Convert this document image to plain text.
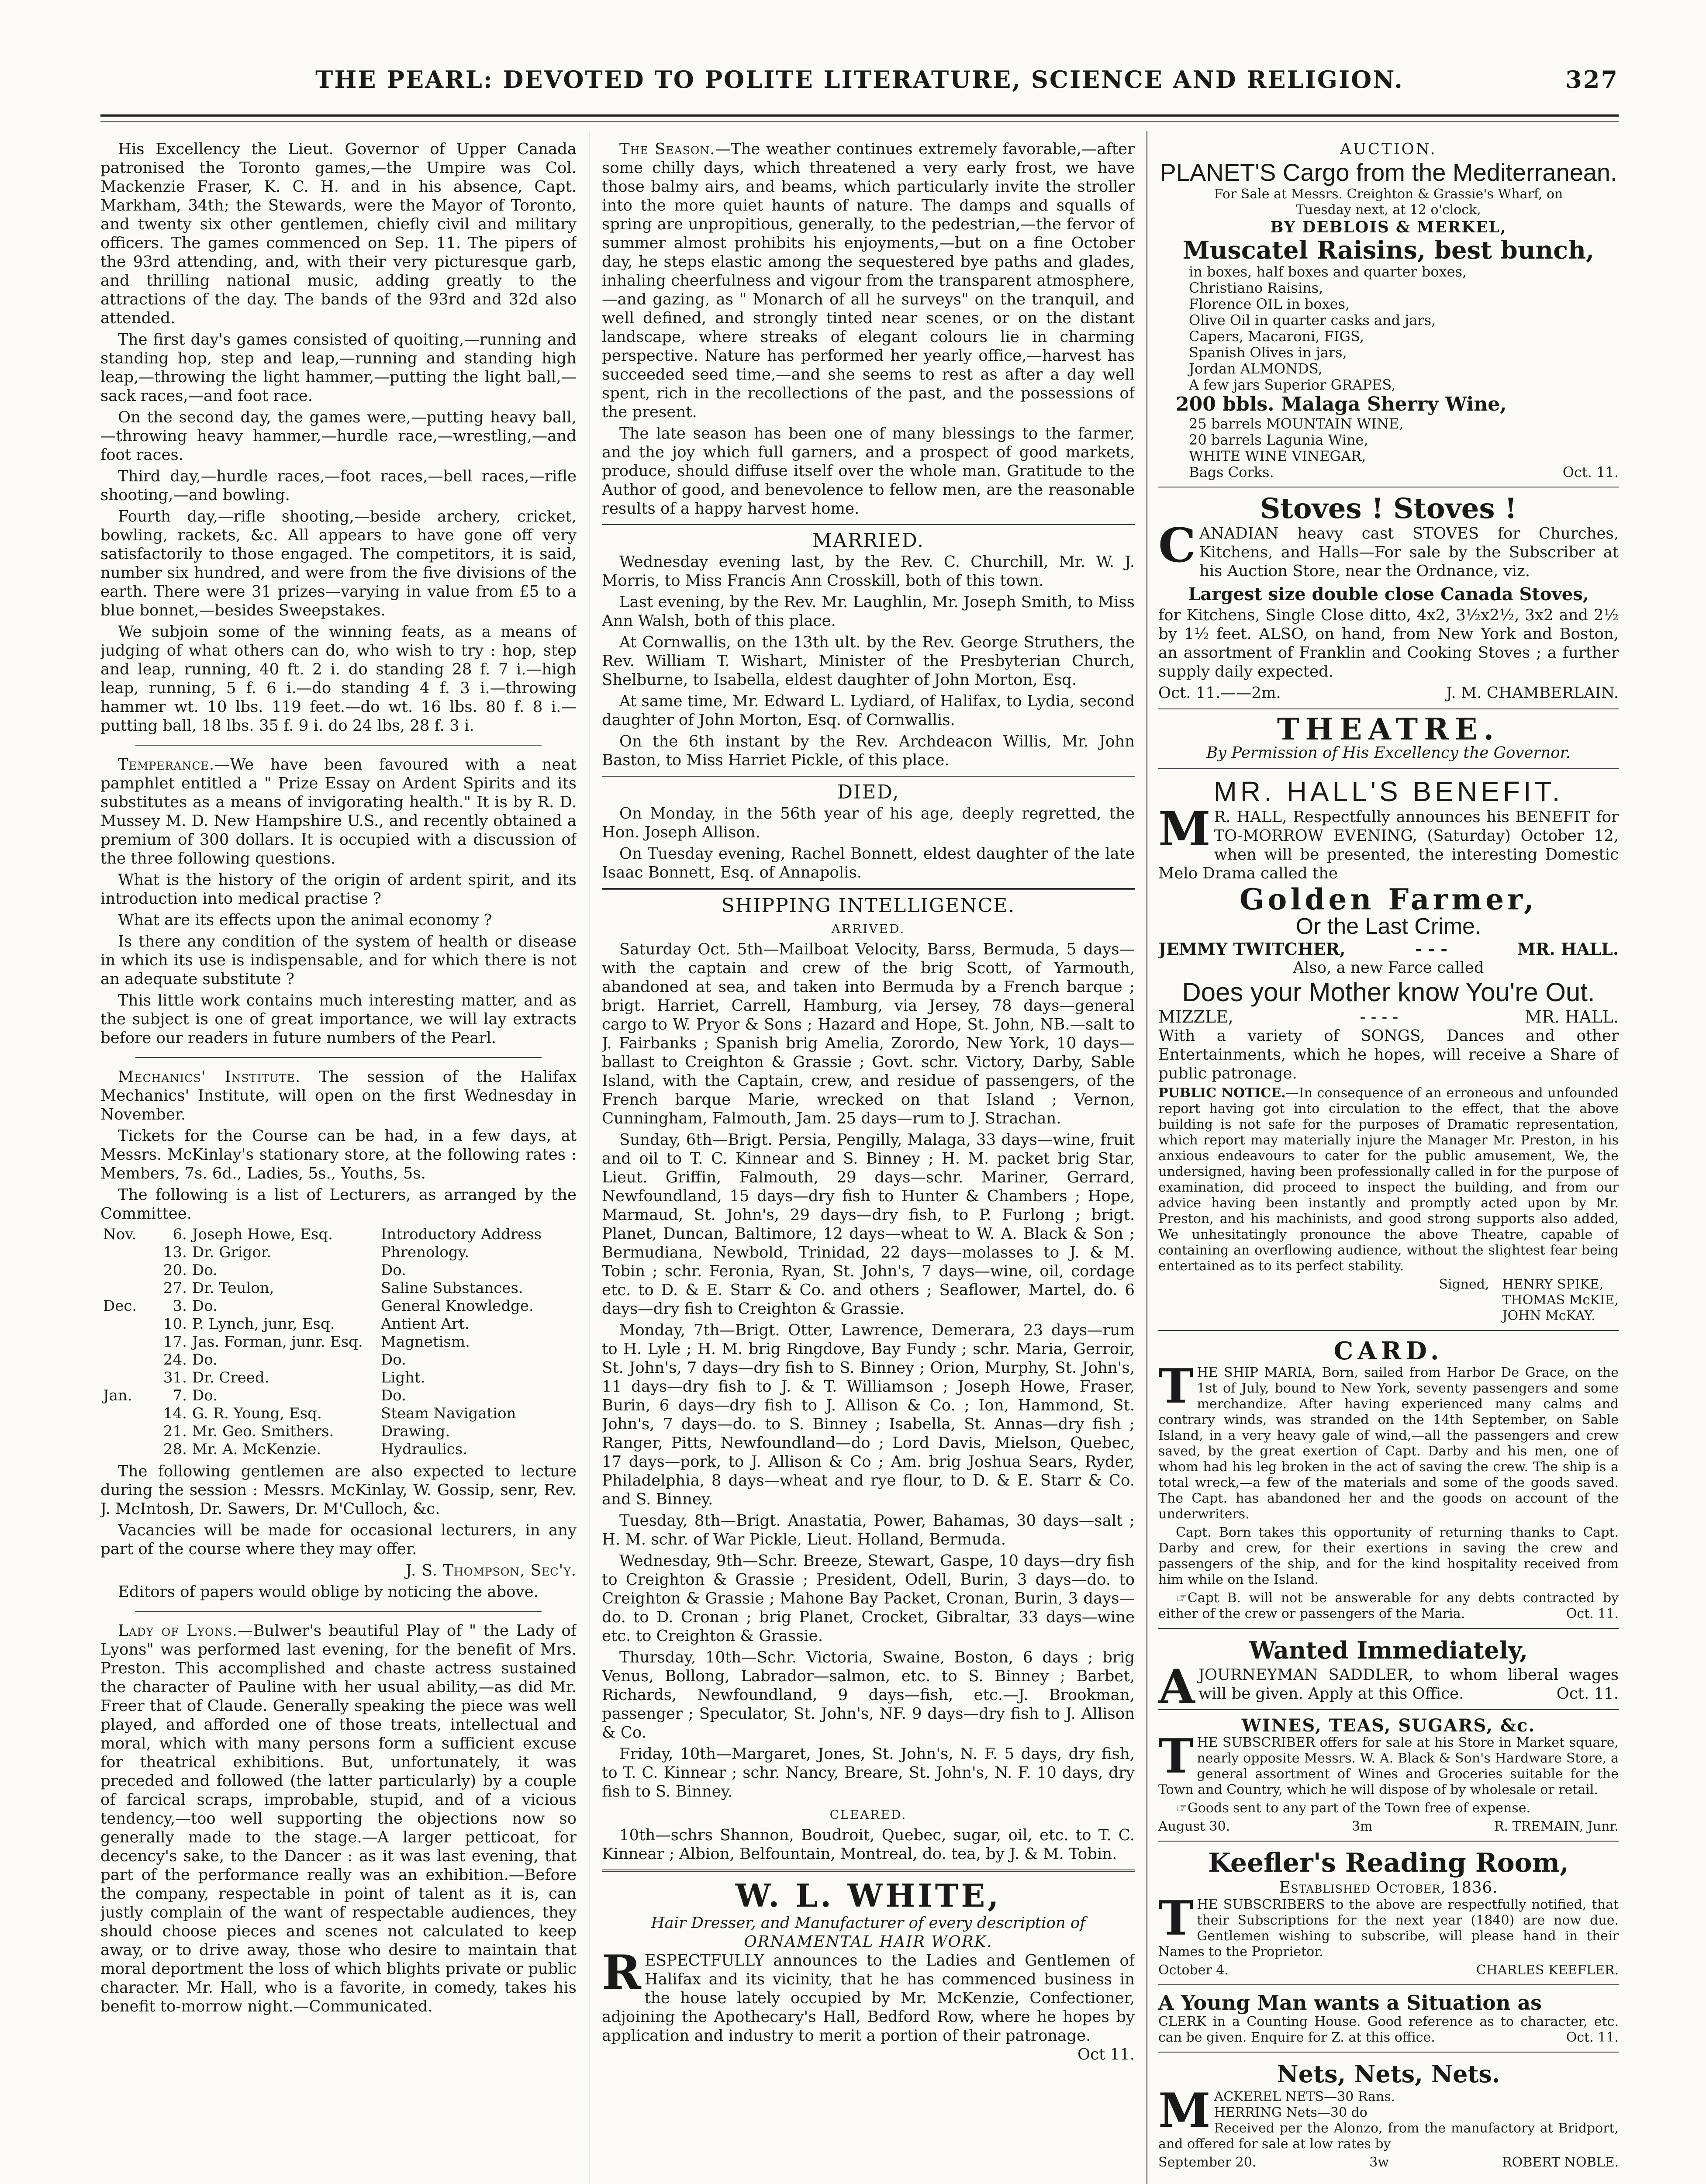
THE PEARL: DEVOTED TO POLITE LITERATURE, SCIENCE AND RELIGION.	327

His Excellency the Lieut. Governor of Upper Canada patronised the Toronto games,—the Umpire was Col. Mackenzie Fraser, K. C. H. and in his absence, Capt. Markham, 34th; the Stewards, were the Mayor of Toronto, and twenty six other gentlemen, chiefly civil and military officers. The games commenced on Sep. 11. The pipers of the 93rd attending, and, with their very picturesque garb, and thrilling national music, adding greatly to the attractions of the day. The bands of the 93rd and 32d also attended.

The first day's games consisted of quoiting,—running and standing hop, step and leap,—running and standing high leap,—throwing the light hammer,—putting the light ball,—sack races,—and foot race.

On the second day, the games were,—putting heavy ball,—throwing heavy hammer,—hurdle race,—wrestling,—and foot races.

Third day,—hurdle races,—foot races,—bell races,—rifle shooting,—and bowling.

Fourth day,—rifle shooting,—beside archery, cricket, bowling, rackets, &c. All appears to have gone off very satisfactorily to those engaged. The competitors, it is said, number six hundred, and were from the five divisions of the earth. There were 31 prizes—varying in value from £5 to a blue bonnet,—besides Sweepstakes.

We subjoin some of the winning feats, as a means of judging of what others can do, who wish to try : hop, step and leap, running, 40 ft. 2 i. do standing 28 f. 7 i.—high leap, running, 5 f. 6 i.—do standing 4 f. 3 i.—throwing hammer wt. 10 lbs. 119 feet.—do wt. 16 lbs. 80 f. 8 i.—putting ball, 18 lbs. 35 f. 9 i. do 24 lbs, 28 f. 3 i.

Temperance.—We have been favoured with a neat pamphlet entitled a " Prize Essay on Ardent Spirits and its substitutes as a means of invigorating health." It is by R. D. Mussey M. D. New Hampshire U.S., and recently obtained a premium of 300 dollars. It is occupied with a discussion of the three following questions.

What is the history of the origin of ardent spirit, and its introduction into medical practise ?

What are its effects upon the animal economy ?

Is there any condition of the system of health or disease in which its use is indispensable, and for which there is not an adequate substitute ?

This little work contains much interesting matter, and as the subject is one of great importance, we will lay extracts before our readers in future numbers of the Pearl.

Mechanics' Institute. The session of the Halifax Mechanics' Institute, will open on the first Wednesday in November.

Tickets for the Course can be had, in a few days, at Messrs. McKinlay's stationary store, at the following rates : Members, 7s. 6d., Ladies, 5s., Youths, 5s.

The following is a list of Lecturers, as arranged by the Committee.

Nov.	6.	Joseph Howe, Esq.	Introductory Address
	13.	Dr. Grigor.	Phrenology.
	20.	Do.	Do.
	27.	Dr. Teulon,	Saline Substances.
Dec.	3.	Do.	General Knowledge.
	10.	P. Lynch, junr, Esq.	Antient Art.
	17.	Jas. Forman, junr. Esq.	Magnetism.
	24.	Do.	Do.
	31.	Dr. Creed.	Light.
Jan.	7.	Do.	Do.
	14.	G. R. Young, Esq.	Steam Navigation
	21.	Mr. Geo. Smithers.	Drawing.
	28.	Mr. A. McKenzie.	Hydraulics.

The following gentlemen are also expected to lecture during the session : Messrs. McKinlay, W. Gossip, senr, Rev. J. McIntosh, Dr. Sawers, Dr. M'Culloch, &c.

Vacancies will be made for occasional lecturers, in any part of the course where they may offer.

J. S. Thompson, Sec'y.

Editors of papers would oblige by noticing the above.

Lady of Lyons.—Bulwer's beautiful Play of " the Lady of Lyons" was performed last evening, for the benefit of Mrs. Preston. This accomplished and chaste actress sustained the character of Pauline with her usual ability,—as did Mr. Freer that of Claude. Generally speaking the piece was well played, and afforded one of those treats, intellectual and moral, which with many persons form a sufficient excuse for theatrical exhibitions. But, unfortunately, it was preceded and followed (the latter particularly) by a couple of farcical scraps, improbable, stupid, and of a vicious tendency,—too well supporting the objections now so generally made to the stage.—A larger petticoat, for decency's sake, to the Dancer : as it was last evening, that part of the performance really was an exhibition.—Before the company, respectable in point of talent as it is, can justly complain of the want of respectable audiences, they should choose pieces and scenes not calculated to keep away, or to drive away, those who desire to maintain that moral deportment the loss of which blights private or public character. Mr. Hall, who is a favorite, in comedy, takes his benefit to-morrow night.—Communicated.

The Season.—The weather continues extremely favorable,—after some chilly days, which threatened a very early frost, we have those balmy airs, and beams, which particularly invite the stroller into the more quiet haunts of nature. The damps and squalls of spring are unpropitious, generally, to the pedestrian,—the fervor of summer almost prohibits his enjoyments,—but on a fine October day, he steps elastic among the sequestered bye paths and glades, inhaling cheerfulness and vigour from the transparent atmosphere,—and gazing, as " Monarch of all he surveys" on the tranquil, and well defined, and strongly tinted near scenes, or on the distant landscape, where streaks of elegant colours lie in charming perspective. Nature has performed her yearly office,—harvest has succeeded seed time,—and she seems to rest as after a day well spent, rich in the recollections of the past, and the possessions of the present.

The late season has been one of many blessings to the farmer, and the joy which full garners, and a prospect of good markets, produce, should diffuse itself over the whole man. Gratitude to the Author of good, and benevolence to fellow men, are the reasonable results of a happy harvest home.

MARRIED.

Wednesday evening last, by the Rev. C. Churchill, Mr. W. J. Morris, to Miss Francis Ann Crosskill, both of this town.

Last evening, by the Rev. Mr. Laughlin, Mr. Joseph Smith, to Miss Ann Walsh, both of this place.

At Cornwallis, on the 13th ult. by the Rev. George Struthers, the Rev. William T. Wishart, Minister of the Presbyterian Church, Shelburne, to Isabella, eldest daughter of John Morton, Esq.

At same time, Mr. Edward L. Lydiard, of Halifax, to Lydia, second daughter of John Morton, Esq. of Cornwallis.

On the 6th instant by the Rev. Archdeacon Willis, Mr. John Baston, to Miss Harriet Pickle, of this place.

DIED,

On Monday, in the 56th year of his age, deeply regretted, the Hon. Joseph Allison.

On Tuesday evening, Rachel Bonnett, eldest daughter of the late Isaac Bonnett, Esq. of Annapolis.

SHIPPING INTELLIGENCE.
ARRIVED.

Saturday Oct. 5th—Mailboat Velocity, Barss, Bermuda, 5 days—with the captain and crew of the brig Scott, of Yarmouth, abandoned at sea, and taken into Bermuda by a French barque ; brigt. Harriet, Carrell, Hamburg, via Jersey, 78 days—general cargo to W. Pryor & Sons ; Hazard and Hope, St. John, NB.—salt to J. Fairbanks ; Spanish brig Amelia, Zorordo, New York, 10 days—ballast to Creighton & Grassie ; Govt. schr. Victory, Darby, Sable Island, with the Captain, crew, and residue of passengers, of the French barque Marie, wrecked on that Island ; Vernon, Cunningham, Falmouth, Jam. 25 days—rum to J. Strachan.

Sunday, 6th—Brigt. Persia, Pengilly, Malaga, 33 days—wine, fruit and oil to T. C. Kinnear and S. Binney ; H. M. packet brig Star, Lieut. Griffin, Falmouth, 29 days—schr. Mariner, Gerrard, Newfoundland, 15 days—dry fish to Hunter & Chambers ; Hope, Marmaud, St. John's, 29 days—dry fish, to P. Furlong ; brigt. Planet, Duncan, Baltimore, 12 days—wheat to W. A. Black & Son ; Bermudiana, Newbold, Trinidad, 22 days—molasses to J. & M. Tobin ; schr. Feronia, Ryan, St. John's, 7 days—wine, oil, cordage etc. to D. & E. Starr & Co. and others ; Seaflower, Martel, do. 6 days—dry fish to Creighton & Grassie.

Monday, 7th—Brigt. Otter, Lawrence, Demerara, 23 days—rum to H. Lyle ; H. M. brig Ringdove, Bay Fundy ; schr. Maria, Gerroir, St. John's, 7 days—dry fish to S. Binney ; Orion, Murphy, St. John's, 11 days—dry fish to J. & T. Williamson ; Joseph Howe, Fraser, Burin, 6 days—dry fish to J. Allison & Co. ; Ion, Hammond, St. John's, 7 days—do. to S. Binney ; Isabella, St. Annas—dry fish ; Ranger, Pitts, Newfoundland—do ; Lord Davis, Mielson, Quebec, 17 days—pork, to J. Allison & Co ; Am. brig Joshua Sears, Ryder, Philadelphia, 8 days—wheat and rye flour, to D. & E. Starr & Co. and S. Binney.

Tuesday, 8th—Brigt. Anastatia, Power, Bahamas, 30 days—salt ; H. M. schr. of War Pickle, Lieut. Holland, Bermuda.

Wednesday, 9th—Schr. Breeze, Stewart, Gaspe, 10 days—dry fish to Creighton & Grassie ; President, Odell, Burin, 3 days—do. to Creighton & Grassie ; Mahone Bay Packet, Cronan, Burin, 3 days—do. to D. Cronan ; brig Planet, Crocket, Gibraltar, 33 days—wine etc. to Creighton & Grassie.

Thursday, 10th—Schr. Victoria, Swaine, Boston, 6 days ; brig Venus, Bollong, Labrador—salmon, etc. to S. Binney ; Barbet, Richards, Newfoundland, 9 days—fish, etc.—J. Brookman, passenger ; Speculator, St. John's, NF. 9 days—dry fish to J. Allison & Co.

Friday, 10th—Margaret, Jones, St. John's, N. F. 5 days, dry fish, to T. C. Kinnear ; schr. Nancy, Breare, St. John's, N. F. 10 days, dry fish to S. Binney.

CLEARED.

10th—schrs Shannon, Boudroit, Quebec, sugar, oil, etc. to T. C. Kinnear ; Albion, Belfountain, Montreal, do. tea, by J. & M. Tobin.

W. L. WHITE,
Hair Dresser, and Manufacturer of every description of
ORNAMENTAL HAIR WORK.

RESPECTFULLY announces to the Ladies and Gentlemen of Halifax and its vicinity, that he has commenced business in the house lately occupied by Mr. McKenzie, Confectioner, adjoining the Apothecary's Hall, Bedford Row, where he hopes by application and industry to merit a portion of their patronage.
Oct 11.

AUCTION.
PLANET'S Cargo from the Mediterranean.
For Sale at Messrs. Creighton & Grassie's Wharf, on
Tuesday next, at 12 o'clock,
BY DEBLOIS & MERKEL,
Muscatel Raisins, best bunch,
in boxes, half boxes and quarter boxes,
Christiano Raisins,
Florence OIL in boxes,
Olive Oil in quarter casks and jars,
Capers, Macaroni, FIGS,
Spanish Olives in jars,
Jordan ALMONDS,
A few jars Superior GRAPES,
200 bbls. Malaga Sherry Wine,
25 barrels MOUNTAIN WINE,
20 barrels Lagunia Wine,
WHITE WINE VINEGAR,
Bags Corks.	Oct. 11.
Stoves ! Stoves !

CANADIAN heavy cast STOVES for Churches, Kitchens, and Halls—For sale by the Subscriber at his Auction Store, near the Ordnance, viz.

Largest size double close Canada Stoves,

for Kitchens, Single Close ditto, 4x2, 3½x2½, 3x2 and 2½ by 1½ feet. ALSO, on hand, from New York and Boston, an assortment of Franklin and Cooking Stoves ; a further supply daily expected.

Oct. 11.——2m.	J. M. CHAMBERLAIN.
THEATRE.
By Permission of His Excellency the Governor.
MR. HALL'S BENEFIT.

M R. HALL, Respectfully announces his BENEFIT for TO-MORROW EVENING, (Saturday) October 12, when will be presented, the interesting Domestic Melo Drama called the

Golden Farmer,
Or the Last Crime.
JEMMY TWITCHER,	- - -	MR. HALL.
Also, a new Farce called
Does your Mother know You're Out.
MIZZLE,	- - - -	MR. HALL.

With a variety of SONGS, Dances and other Entertainments, which he hopes, will receive a Share of public patronage.

PUBLIC NOTICE.—In consequence of an erroneous and unfounded report having got into circulation to the effect, that the above building is not safe for the purposes of Dramatic representation, which report may materially injure the Manager Mr. Preston, in his anxious endeavours to cater for the public amusement, We, the undersigned, having been professionally called in for the purpose of examination, did proceed to inspect the building, and from our advice having been instantly and promptly acted upon by Mr. Preston, and his machinists, and good strong supports also added, We unhesitatingly pronounce the above Theatre, capable of containing an overflowing audience, without the slightest fear being entertained as to its perfect stability.

Signed, HENRY SPIKE,
THOMAS McKIE,
JOHN McKAY.
CARD.

THE SHIP MARIA, Born, sailed from Harbor De Grace, on the 1st of July, bound to New York, seventy passengers and some merchandize. After having experienced many calms and contrary winds, was stranded on the 14th September, on Sable Island, in a very heavy gale of wind,—all the passengers and crew saved, by the great exertion of Capt. Darby and his men, one of whom had his leg broken in the act of saving the crew. The ship is a total wreck,—a few of the materials and some of the goods saved. The Capt. has abandoned her and the goods on account of the underwriters.

Capt. Born takes this opportunity of returning thanks to Capt. Darby and crew, for their exertions in saving the crew and passengers of the ship, and for the kind hospitality received from him while on the Island.

☞Capt B. will not be answerable for any debts contracted by either of the crew or passengers of the Maria.	Oct. 11.

Wanted Immediately,

AJOURNEYMAN SADDLER, to whom liberal wages will be given. Apply at this Office.	Oct. 11.

WINES, TEAS, SUGARS, &c.

THE SUBSCRIBER offers for sale at his Store in Market square, nearly opposite Messrs. W. A. Black & Son's Hardware Store, a general assortment of Wines and Groceries suitable for the Town and Country, which he will dispose of by wholesale or retail.

☞Goods sent to any part of the Town free of expense.

August 30.	3m	R. TREMAIN, Junr.
Keefler's Reading Room,
Established October, 1836.

THE SUBSCRIBERS to the above are respectfully notified, that their Subscriptions for the next year (1840) are now due. Gentlemen wishing to subscribe, will please hand in their Names to the Proprietor.

October 4.	CHARLES KEEFLER.
A Young Man wants a Situation as

CLERK in a Counting House. Good reference as to character, etc. can be given. Enquire for Z. at this office.	Oct. 11.

Nets, Nets, Nets.

MACKEREL NETS—30 Rans.
HERRING Nets—30 do
Received per the Alonzo, from the manufactory at Bridport, and offered for sale at low rates by

September 20.	3w	ROBERT NOBLE.
